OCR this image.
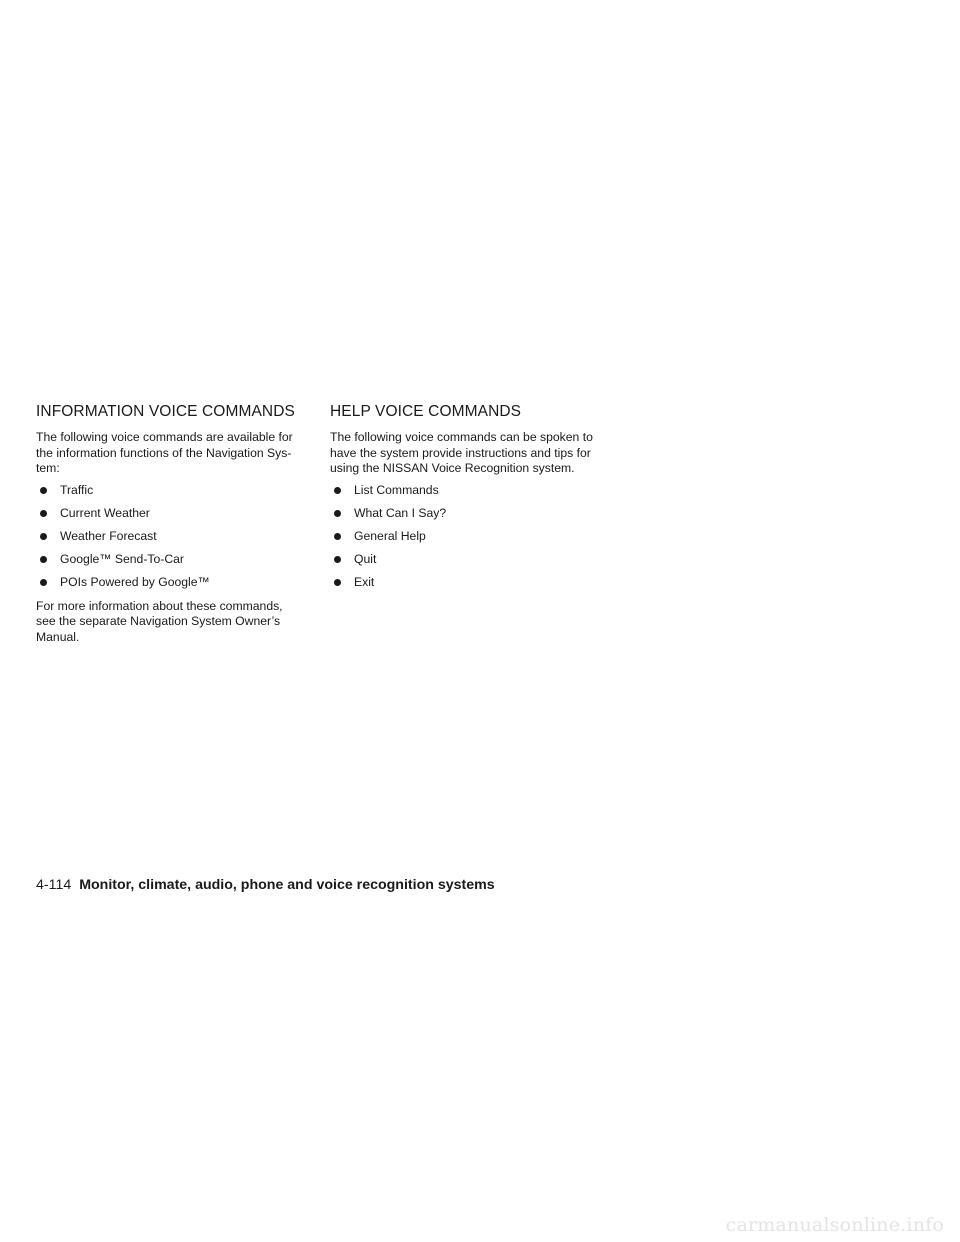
INFORMATION VOICE COMMANDS

The following voice commands are available for the information functions of the Navigation Sys-tem:

Traffic
Current Weather
Weather Forecast
Google™ Send-To-Car
POIs Powered by Google™

For more information about these commands, see the separate Navigation System Owner’s Manual.

HELP VOICE COMMANDS

The following voice commands can be spoken to have the system provide instructions and tips for using the NISSAN Voice Recognition system.

List Commands
What Can I Say?
General Help
Quit
Exit
4-114 Monitor, climate, audio, phone and voice recognition systems
carmanualsonline.info
